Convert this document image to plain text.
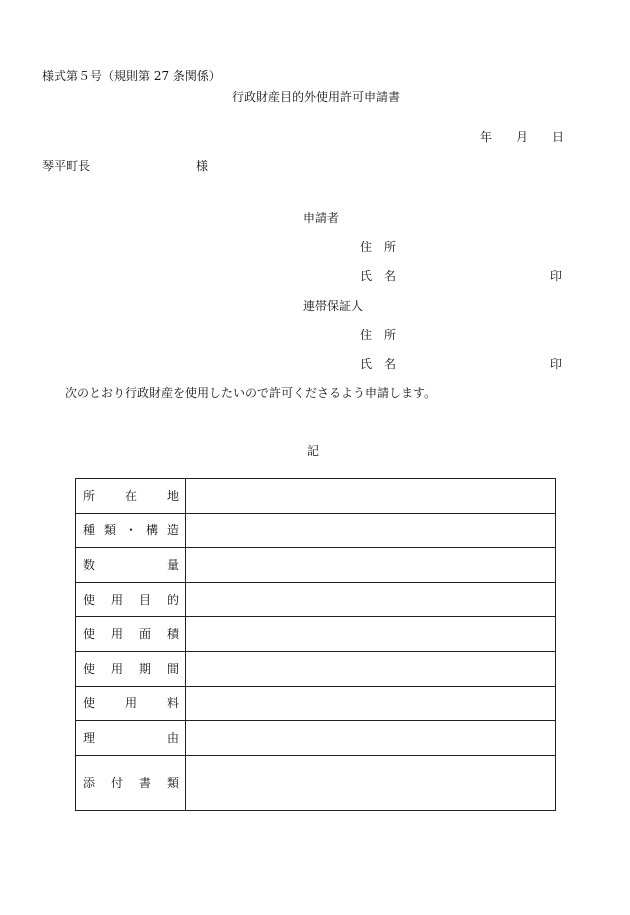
様式第５号（規則第 27 条関係）
行政財産目的外使用許可申請書
年 月 日
琴平町長	様
申請者
住 所
氏 名	印
連帯保証人
住 所
氏 名	印
次のとおり行政財産を使用したいので許可くださるよう申請します。
記
所 在 地	

種 類 ・ 構 造	

数 量	

使 用 目 的	

使 用 面 積	

使 用 期 間	

使 用 料	

理 由	

添 付 書 類	
